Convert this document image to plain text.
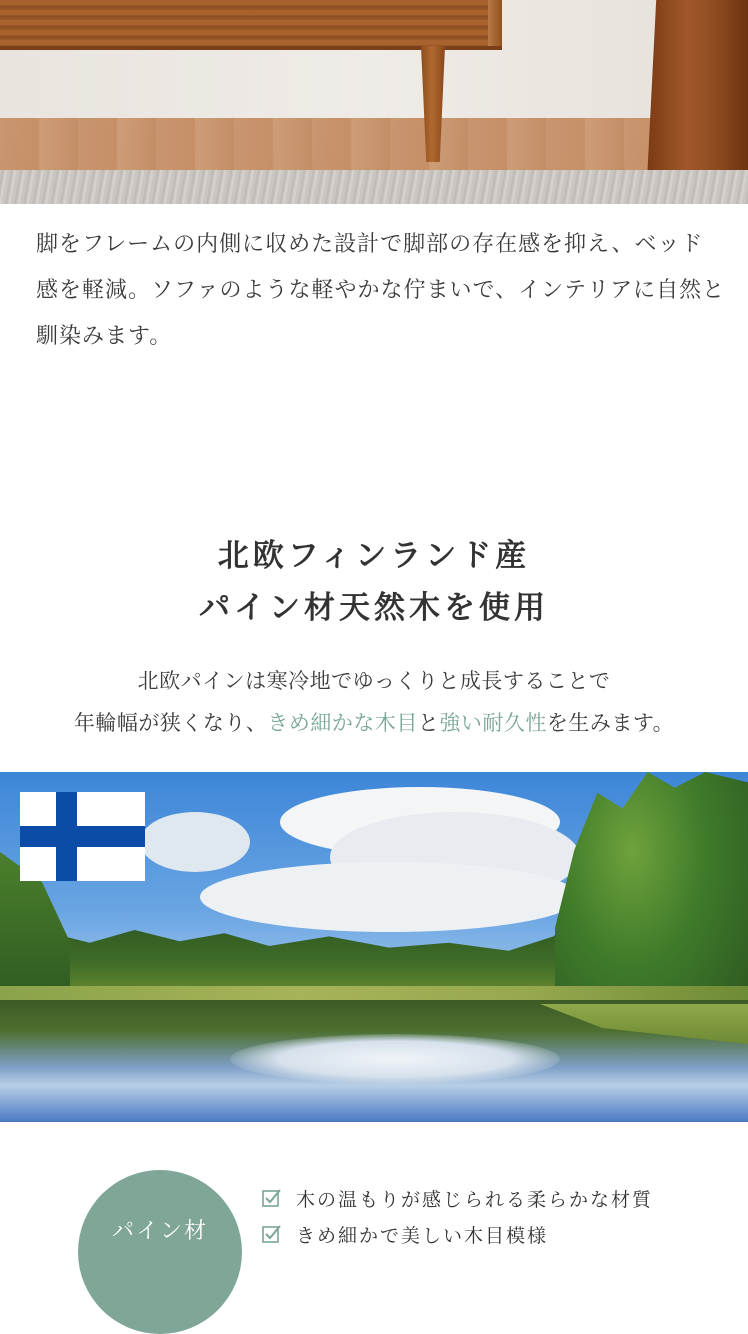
脚をフレームの内側に収めた設計で脚部の存在感を抑え、ベッド感を軽減。ソファのような軽やかな佇まいで、インテリアに自然と馴染みます。

北欧フィンランド産
パイン材天然木を使用
北欧パインは寒冷地でゆっくりと成長することで
年輪幅が狭くなり、きめ細かな木目と強い耐久性を生みます。
パイン材
木の温もりが感じられる柔らかな材質
きめ細かで美しい木目模様
